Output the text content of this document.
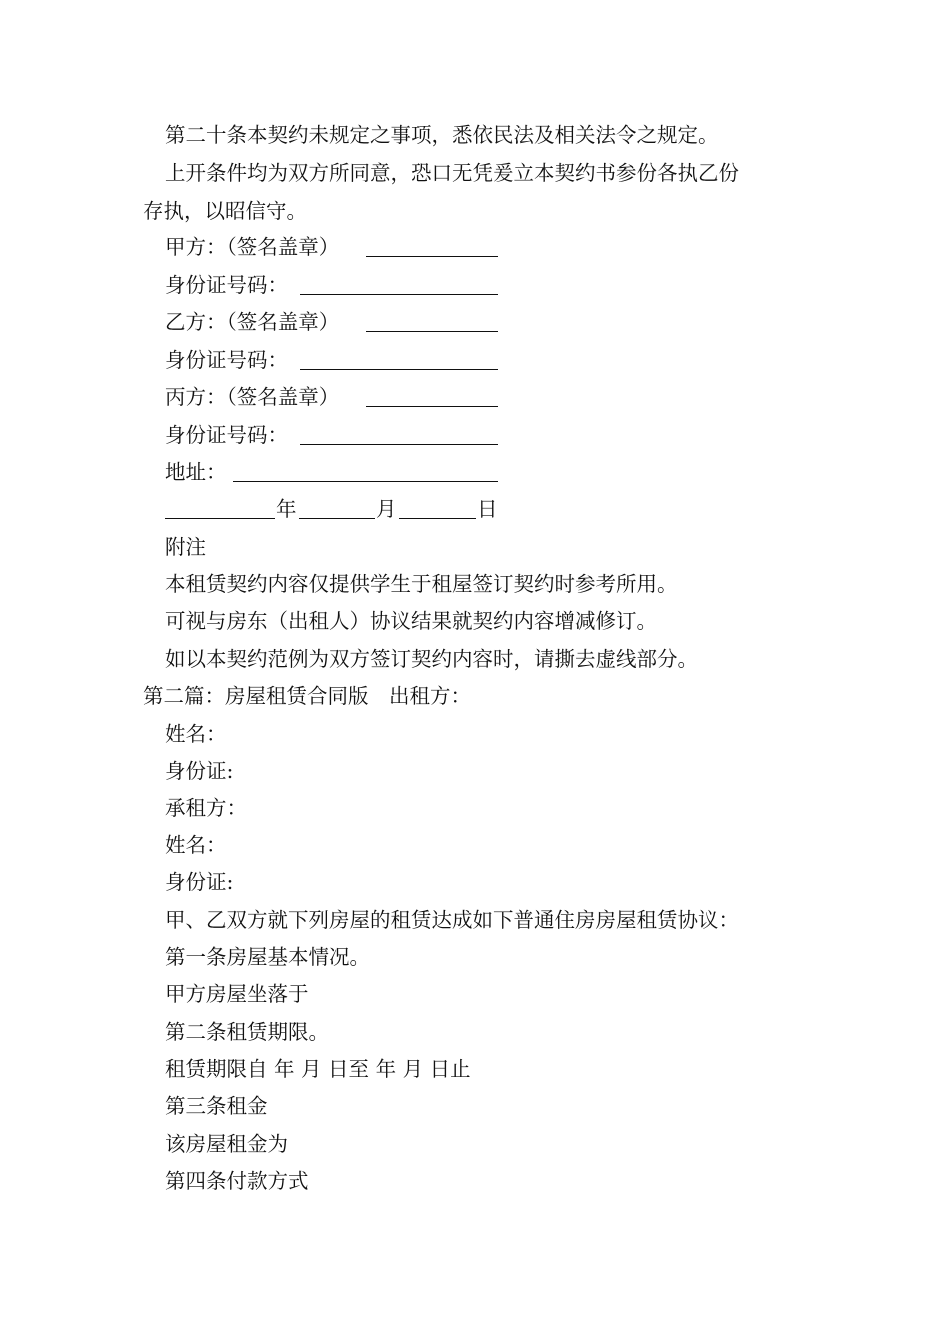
第二十条本契约未规定之事项，悉依民法及相关法令之规定。
上开条件均为双方所同意，恐口无凭爰立本契约书参份各执乙份
存执，以昭信守。
甲方：（签名盖章）
身份证号码：
乙方：（签名盖章）
身份证号码：
丙方：（签名盖章）
身份证号码：
地址：
年	月	日
附注
本租赁契约内容仅提供学生于租屋签订契约时参考所用。
可视与房东（出租人）协议结果就契约内容增减修订。
如以本契约范例为双方签订契约内容时，请撕去虚线部分。
第二篇：房屋租赁合同版　出租方：
姓名：
身份证:
承租方：
姓名：
身份证:
甲、乙双方就下列房屋的租赁达成如下普通住房房屋租赁协议：
第一条房屋基本情况。
甲方房屋坐落于
第二条租赁期限。
租赁期限自 年 月 日至 年 月 日止
第三条租金
该房屋租金为
第四条付款方式
